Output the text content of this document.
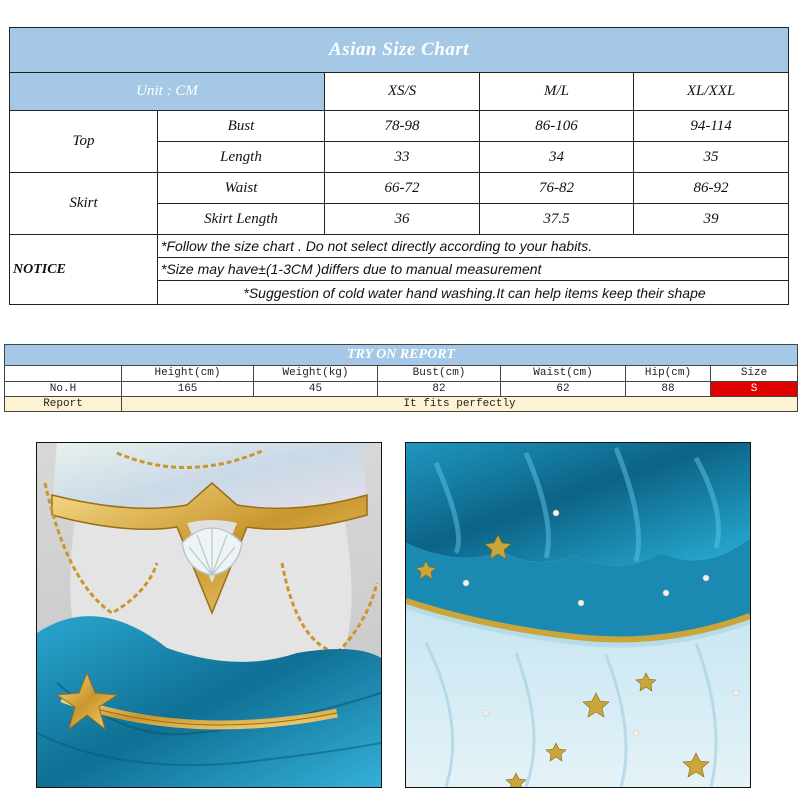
Asian Size Chart				
Unit : CM		XS/S	M/L	XL/XXL
Top	Bust	78-98	86-106	94-114
	Length	33	34	35
Skirt	Waist	66-72	76-82	86-92
	Skirt Length	36	37.5	39
NOTICE	*Follow the size chart . Do not select directly according to your habits.			
	*Size may have±(1-3CM )differs due to manual measurement			
	*Suggestion of cold water hand washing.It can help items keep their shape			
TRY ON REPORT						
	Height(cm)	Weight(kg)	Bust(cm)	Waist(cm)	Hip(cm)	Size
No.H	165	45	82	62	88	S
Report	It fits perfectly					
